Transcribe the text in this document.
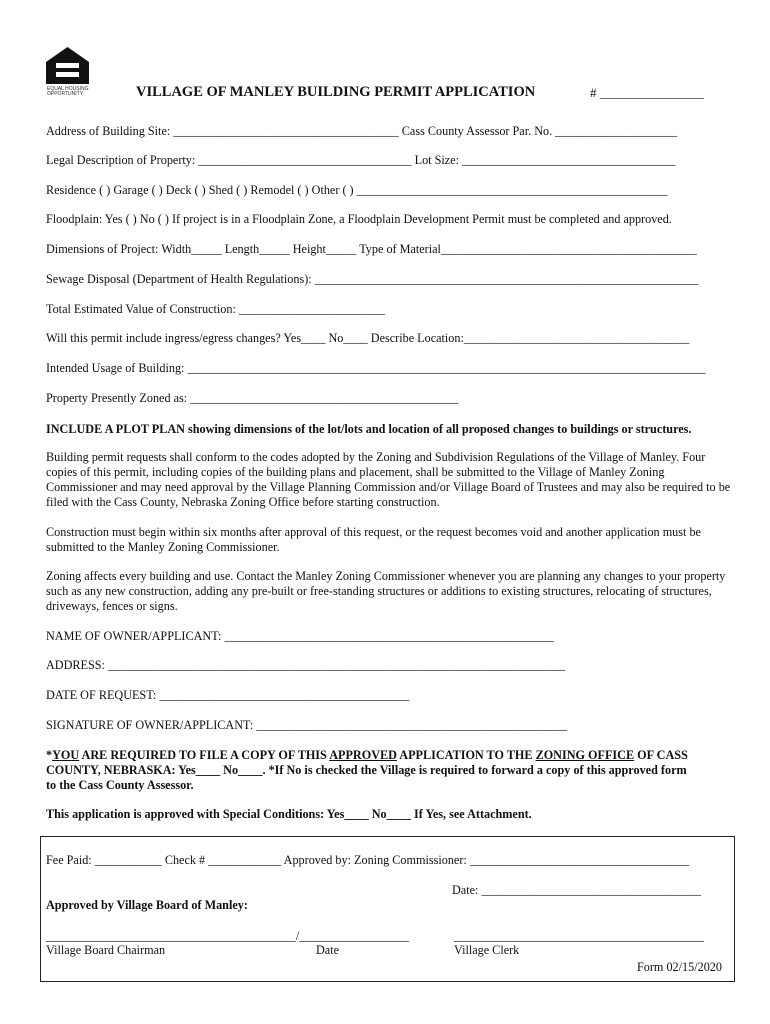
EQUAL HOUSING OPPORTUNITY	VILLAGE OF MANLEY BUILDING PERMIT APPLICATION	# ________________
Address of Building Site: _____________________________________ Cass County Assessor Par. No. ____________________
Legal Description of Property: ___________________________________ Lot Size: ___________________________________
Residence ( ) Garage ( ) Deck ( ) Shed ( ) Remodel ( ) Other ( ) ___________________________________________________
Floodplain: Yes ( ) No ( ) If project is in a Floodplain Zone, a Floodplain Development Permit must be completed and approved.
Dimensions of Project: Width_____ Length_____ Height_____ Type of Material__________________________________________
Sewage Disposal (Department of Health Regulations): _______________________________________________________________
Total Estimated Value of Construction: ________________________
Will this permit include ingress/egress changes? Yes____ No____ Describe Location:_____________________________________
Intended Usage of Building: _____________________________________________________________________________________
Property Presently Zoned as: ____________________________________________
INCLUDE A PLOT PLAN showing dimensions of the lot/lots and location of all proposed changes to buildings or structures.
Building permit requests shall conform to the codes adopted by the Zoning and Subdivision Regulations of the Village of Manley. Four copies of this permit, including copies of the building plans and placement, shall be submitted to the Village of Manley Zoning Commissioner and may need approval by the Village Planning Commission and/or Village Board of Trustees and may also be required to be filed with the Cass County, Nebraska Zoning Office before starting construction.
Construction must begin within six months after approval of this request, or the request becomes void and another application must be submitted to the Manley Zoning Commissioner.
Zoning affects every building and use. Contact the Manley Zoning Commissioner whenever you are planning any changes to your property such as any new construction, adding any pre-built or free-standing structures or additions to existing structures, relocating of structures, driveways, fences or signs.
NAME OF OWNER/APPLICANT: ______________________________________________________
ADDRESS: ___________________________________________________________________________
DATE OF REQUEST: _________________________________________
SIGNATURE OF OWNER/APPLICANT: ___________________________________________________
*YOU ARE REQUIRED TO FILE A COPY OF THIS APPROVED APPLICATION TO THE ZONING OFFICE OF CASS
COUNTY, NEBRASKA: Yes____ No____. *If No is checked the Village is required to forward a copy of this approved form
to the Cass County Assessor.
This application is approved with Special Conditions: Yes____ No____ If Yes, see Attachment.
Fee Paid: ___________ Check # ____________ Approved by: Zoning Commissioner: ____________________________________
Date: ____________________________________
Approved by Village Board of Manley:
_________________________________________/__________________	_________________________________________
Village Board Chairman	Date	Village Clerk
Form 02/15/2020
